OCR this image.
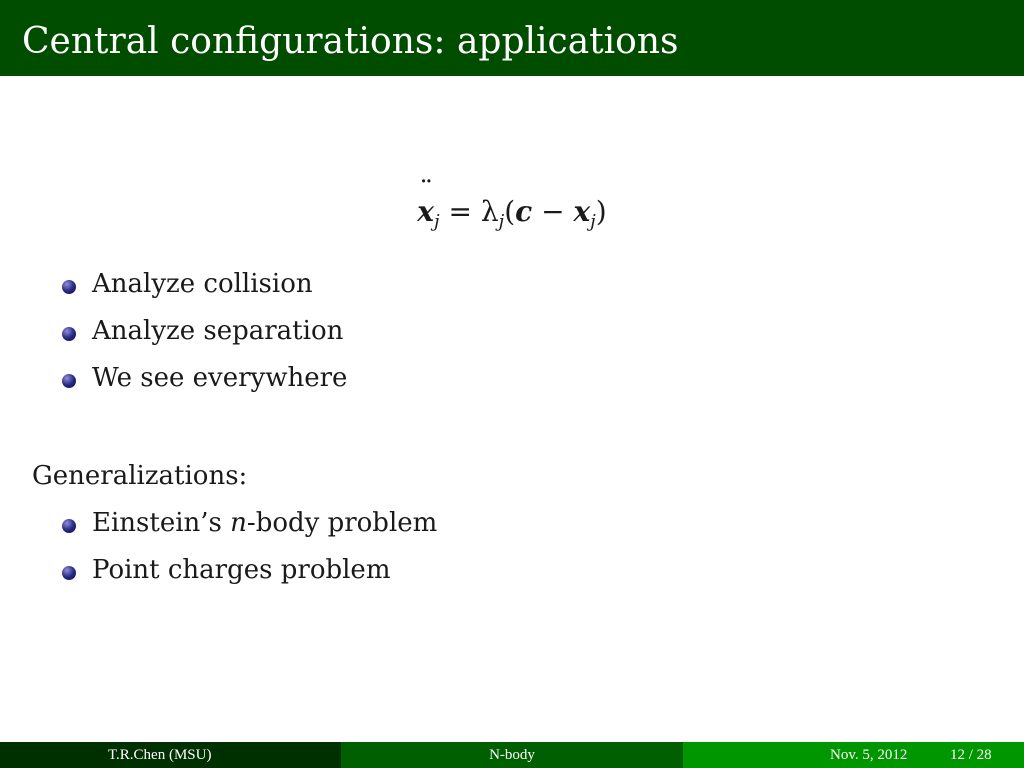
Central configurations: applications
x $¨_j = \lambda_j(c - x_j)$
Analyze collision
Analyze separation
We see everywhere
Generalizations:
Einstein’s n-body problem
Point charges problem
T.R.Chen (MSU)	N-body	Nov. 5, 2012	12 / 28
